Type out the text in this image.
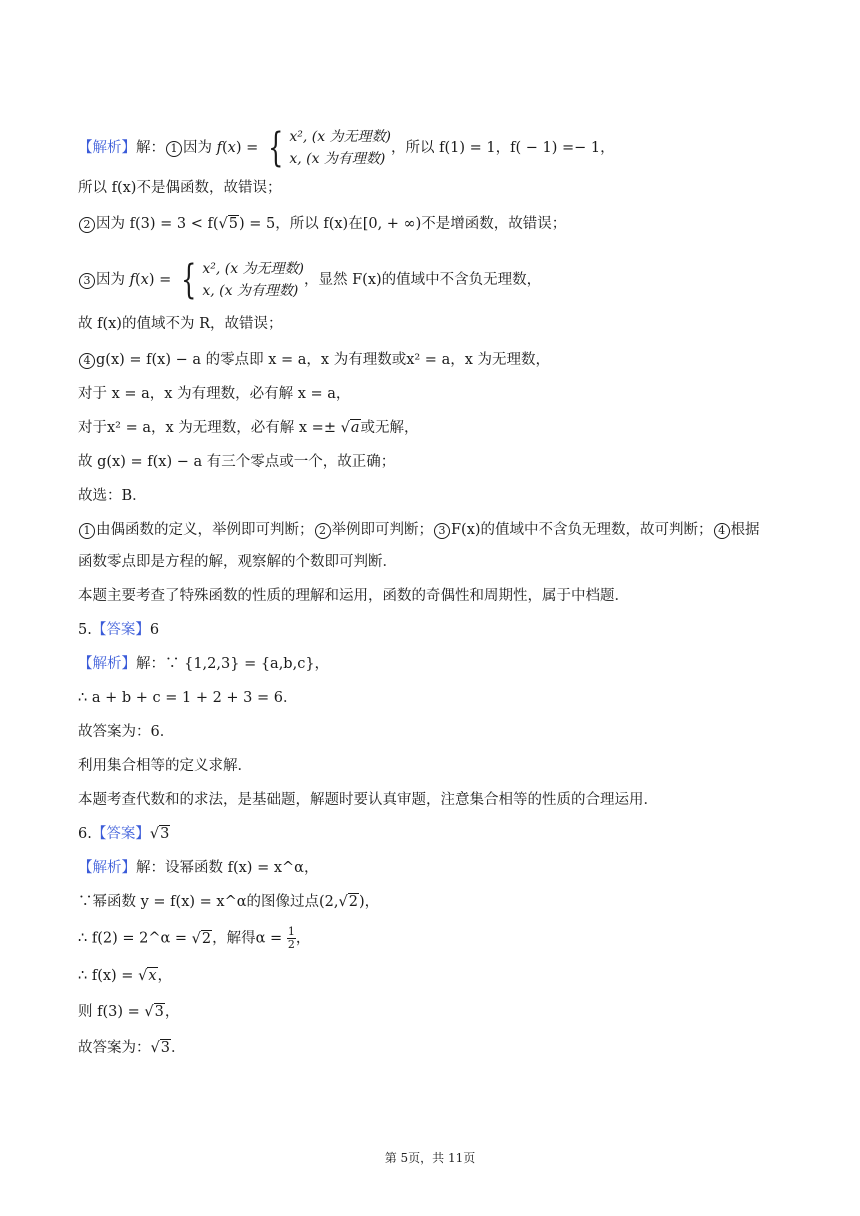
【解析】解： 1 因为 f(x) = { x², (x 为无理数)
x, (x 为有理数)
，所以 f(1) = 1，f( − 1) =− 1，
所以 f(x)不是偶函数，故错误；
2 因为 f(3) = 3 < f(√5) = 5，所以 f(x)在[0, + ∞)不是增函数，故错误；
3 因为 f(x) = { x², (x 为无理数)
x, (x 为有理数)
，显然 F(x)的值域中不含负无理数，
故 f(x)的值域不为 R，故错误；
4 g(x) = f(x) − a 的零点即 x = a，x 为有理数或x² = a，x 为无理数，
对于 x = a，x 为有理数，必有解 x = a，
对于x² = a，x 为无理数，必有解 x =± √a或无解，
故 g(x) = f(x) − a 有三个零点或一个，故正确；
故选：B．
1 由偶函数的定义，举例即可判断； 2 举例即可判断； 3 F(x)的值域中不含负无理数，故可判断； 4 根据
函数零点即是方程的解，观察解的个数即可判断．
本题主要考查了特殊函数的性质的理解和运用，函数的奇偶性和周期性，属于中档题．
5.【答案】6
【解析】解：∵ {1,2,3} = {a,b,c}，
∴ a + b + c = 1 + 2 + 3 = 6．
故答案为：6．
利用集合相等的定义求解．
本题考查代数和的求法，是基础题，解题时要认真审题，注意集合相等的性质的合理运用．
6.【答案】√3
【解析】解：设幂函数 f(x) = x^α，
∵幂函数 y = f(x) = x^α的图像过点(2,√2)，
∴ f(2) = 2^α = √2，解得$\alpha = \frac{1}{2}$ ，
∴ f(x) = √x，
则 f(3) = √3，
故答案为：√3．
第 5页，共 11页
